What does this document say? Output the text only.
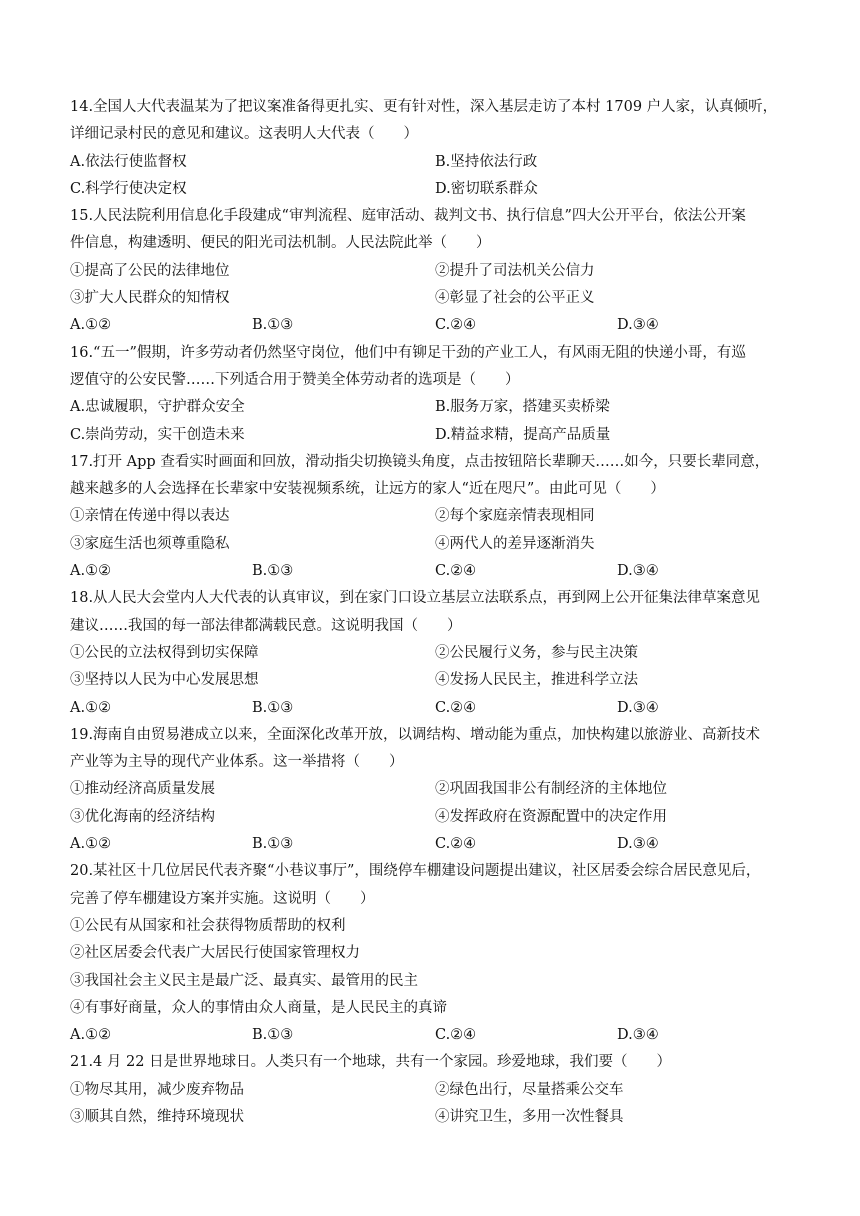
14.全国人大代表温某为了把议案准备得更扎实、更有针对性，深入基层走访了本村 1709 户人家，认真倾听，
详细记录村民的意见和建议。这表明人大代表（　　）
A.依法行使监督权	B.坚持依法行政
C.科学行使决定权	D.密切联系群众
15.人民法院利用信息化手段建成“审判流程、庭审活动、裁判文书、执行信息”四大公开平台，依法公开案
件信息，构建透明、便民的阳光司法机制。人民法院此举（　　）
①提高了公民的法律地位	②提升了司法机关公信力
③扩大人民群众的知情权	④彰显了社会的公平正义
A.①②	B.①③	C.②④	D.③④
16.“五一”假期，许多劳动者仍然坚守岗位，他们中有铆足干劲的产业工人，有风雨无阻的快递小哥，有巡
逻值守的公安民警……下列适合用于赞美全体劳动者的选项是（　　）
A.忠诚履职，守护群众安全	B.服务万家，搭建买卖桥梁
C.崇尚劳动，实干创造未来	D.精益求精，提高产品质量
17.打开 App 查看实时画面和回放，滑动指尖切换镜头角度，点击按钮陪长辈聊天……如今，只要长辈同意，
越来越多的人会选择在长辈家中安装视频系统，让远方的家人“近在咫尺”。由此可见（　　）
①亲情在传递中得以表达	②每个家庭亲情表现相同
③家庭生活也须尊重隐私	④两代人的差异逐渐消失
A.①②	B.①③	C.②④	D.③④
18.从人民大会堂内人大代表的认真审议，到在家门口设立基层立法联系点，再到网上公开征集法律草案意见
建议……我国的每一部法律都满载民意。这说明我国（　　）
①公民的立法权得到切实保障	②公民履行义务，参与民主决策
③坚持以人民为中心发展思想	④发扬人民民主，推进科学立法
A.①②	B.①③	C.②④	D.③④
19.海南自由贸易港成立以来，全面深化改革开放，以调结构、增动能为重点，加快构建以旅游业、高新技术
产业等为主导的现代产业体系。这一举措将（　　）
①推动经济高质量发展	②巩固我国非公有制经济的主体地位
③优化海南的经济结构	④发挥政府在资源配置中的决定作用
A.①②	B.①③	C.②④	D.③④
20.某社区十几位居民代表齐聚“小巷议事厅”，围绕停车棚建设问题提出建议，社区居委会综合居民意见后，
完善了停车棚建设方案并实施。这说明（　　）
①公民有从国家和社会获得物质帮助的权利
②社区居委会代表广大居民行使国家管理权力
③我国社会主义民主是最广泛、最真实、最管用的民主
④有事好商量，众人的事情由众人商量，是人民民主的真谛
A.①②	B.①③	C.②④	D.③④
21.4 月 22 日是世界地球日。人类只有一个地球，共有一个家园。珍爱地球，我们要（　　）
①物尽其用，减少废弃物品	②绿色出行，尽量搭乘公交车
③顺其自然，维持环境现状	④讲究卫生，多用一次性餐具
